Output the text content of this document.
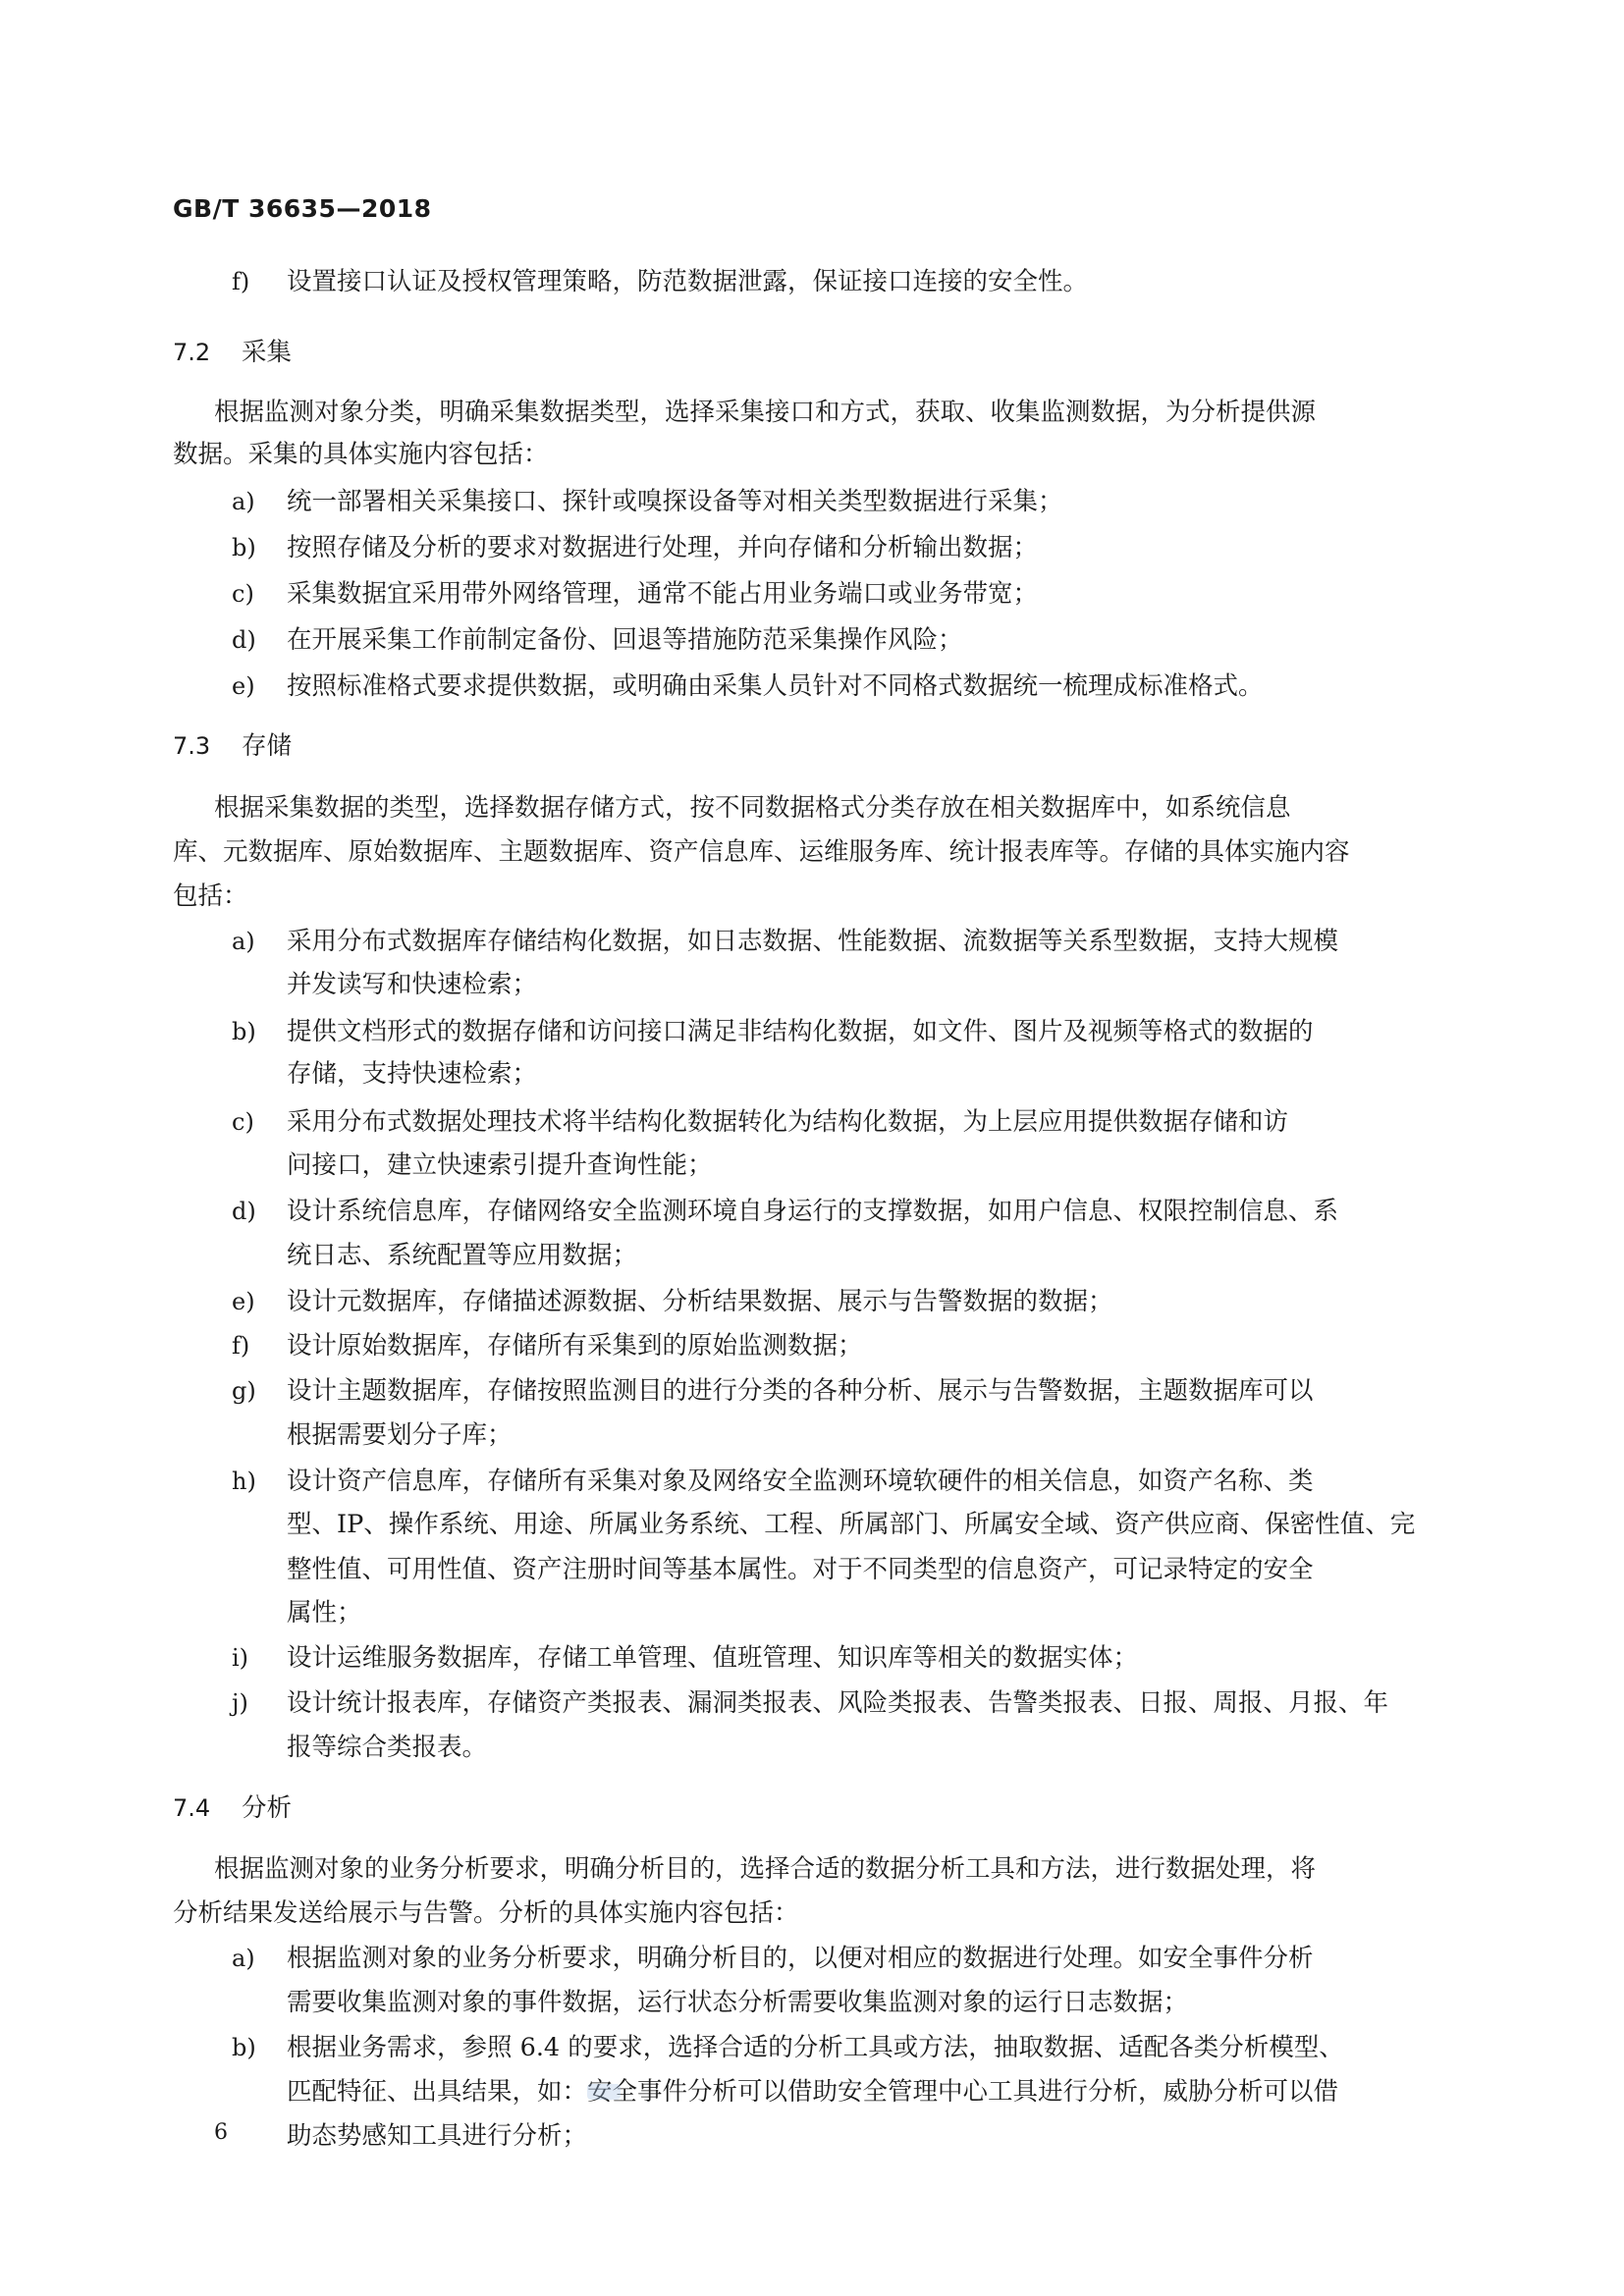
GB/T 36635—2018
f) 设置接口认证及授权管理策略，防范数据泄露，保证接口连接的安全性。
7.2 采集
根据监测对象分类，明确采集数据类型，选择采集接口和方式，获取、收集监测数据，为分析提供源
数据。采集的具体实施内容包括：
a) 统一部署相关采集接口、探针或嗅探设备等对相关类型数据进行采集；
b) 按照存储及分析的要求对数据进行处理，并向存储和分析输出数据；
c) 采集数据宜采用带外网络管理，通常不能占用业务端口或业务带宽；
d) 在开展采集工作前制定备份、回退等措施防范采集操作风险；
e) 按照标准格式要求提供数据，或明确由采集人员针对不同格式数据统一梳理成标准格式。
7.3 存储
根据采集数据的类型，选择数据存储方式，按不同数据格式分类存放在相关数据库中，如系统信息
库、元数据库、原始数据库、主题数据库、资产信息库、运维服务库、统计报表库等。存储的具体实施内容
包括：
a) 采用分布式数据库存储结构化数据，如日志数据、性能数据、流数据等关系型数据，支持大规模
并发读写和快速检索；
b) 提供文档形式的数据存储和访问接口满足非结构化数据，如文件、图片及视频等格式的数据的
存储，支持快速检索；
c) 采用分布式数据处理技术将半结构化数据转化为结构化数据，为上层应用提供数据存储和访
问接口，建立快速索引提升查询性能；
d) 设计系统信息库，存储网络安全监测环境自身运行的支撑数据，如用户信息、权限控制信息、系
统日志、系统配置等应用数据；
e) 设计元数据库，存储描述源数据、分析结果数据、展示与告警数据的数据；
f) 设计原始数据库，存储所有采集到的原始监测数据；
g) 设计主题数据库，存储按照监测目的进行分类的各种分析、展示与告警数据，主题数据库可以
根据需要划分子库；
h) 设计资产信息库，存储所有采集对象及网络安全监测环境软硬件的相关信息，如资产名称、类
型、IP、操作系统、用途、所属业务系统、工程、所属部门、所属安全域、资产供应商、保密性值、完
整性值、可用性值、资产注册时间等基本属性。对于不同类型的信息资产，可记录特定的安全
属性；
i) 设计运维服务数据库，存储工单管理、值班管理、知识库等相关的数据实体；
j) 设计统计报表库，存储资产类报表、漏洞类报表、风险类报表、告警类报表、日报、周报、月报、年
报等综合类报表。
7.4 分析
根据监测对象的业务分析要求，明确分析目的，选择合适的数据分析工具和方法，进行数据处理，将
分析结果发送给展示与告警。分析的具体实施内容包括：
a) 根据监测对象的业务分析要求，明确分析目的，以便对相应的数据进行处理。如安全事件分析
需要收集监测对象的事件数据，运行状态分析需要收集监测对象的运行日志数据；
b) 根据业务需求，参照 6.4 的要求，选择合适的分析工具或方法，抽取数据、适配各类分析模型、
匹配特征、出具结果，如：安全事件分析可以借助安全管理中心工具进行分析，威胁分析可以借
助态势感知工具进行分析；
6
